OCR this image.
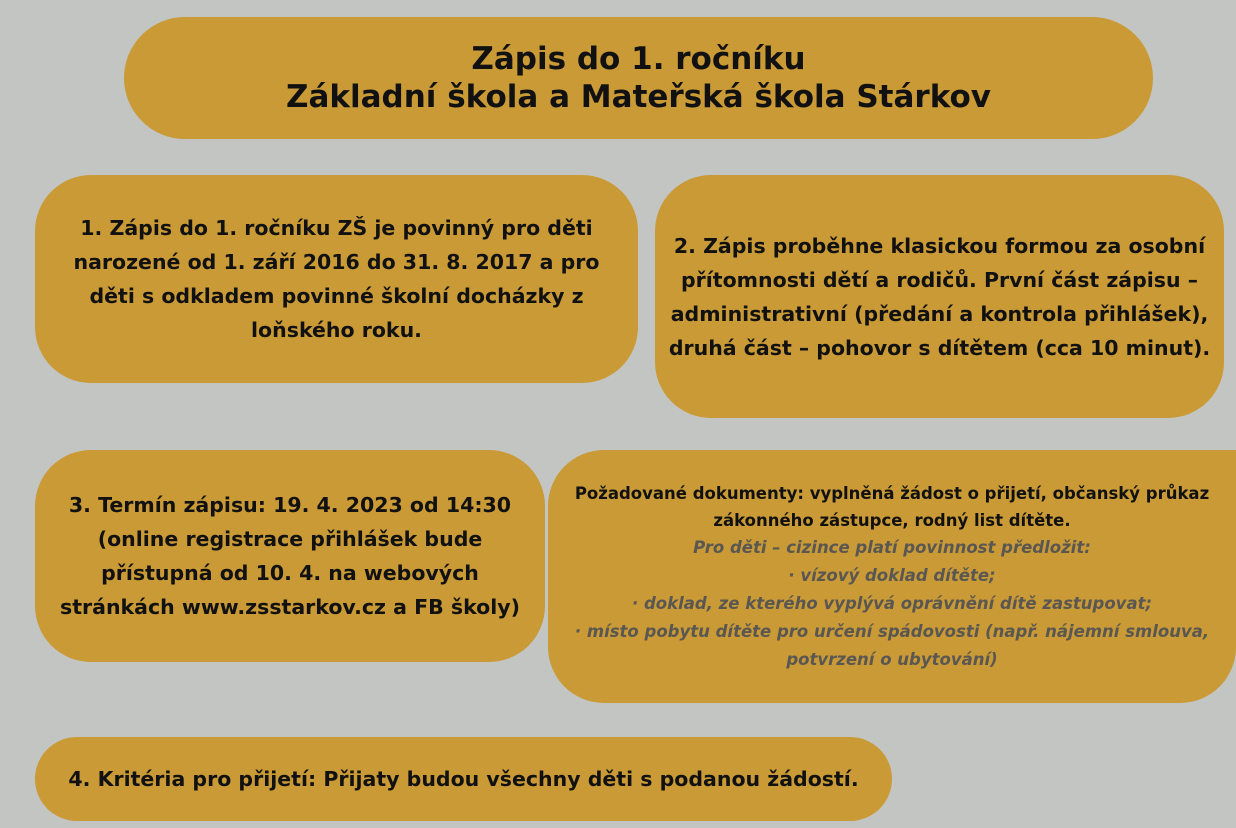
Zápis do 1. ročníku
Základní škola a Mateřská škola Stárkov
1. Zápis do 1. ročníku ZŠ je povinný pro děti narozené od 1. září 2016 do 31. 8. 2017 a pro děti s odkladem povinné školní docházky z loňského roku.
2. Zápis proběhne klasickou formou za osobní přítomnosti dětí a rodičů. První část zápisu – administrativní (předání a kontrola přihlášek), druhá část – pohovor s dítětem (cca 10 minut).
3. Termín zápisu: 19. 4. 2023 od 14:30 (online registrace přihlášek bude přístupná od 10. 4. na webových stránkách www.zsstarkov.cz a FB školy)
Požadované dokumenty: vyplněná žádost o přijetí, občanský průkaz zákonného zástupce, rodný list dítěte.
Pro děti – cizince platí povinnost předložit:
· vízový doklad dítěte;
· doklad, ze kterého vyplývá oprávnění dítě zastupovat;
· místo pobytu dítěte pro určení spádovosti (např. nájemní smlouva, potvrzení o ubytování)
4. Kritéria pro přijetí: Přijaty budou všechny děti s podanou žádostí.
